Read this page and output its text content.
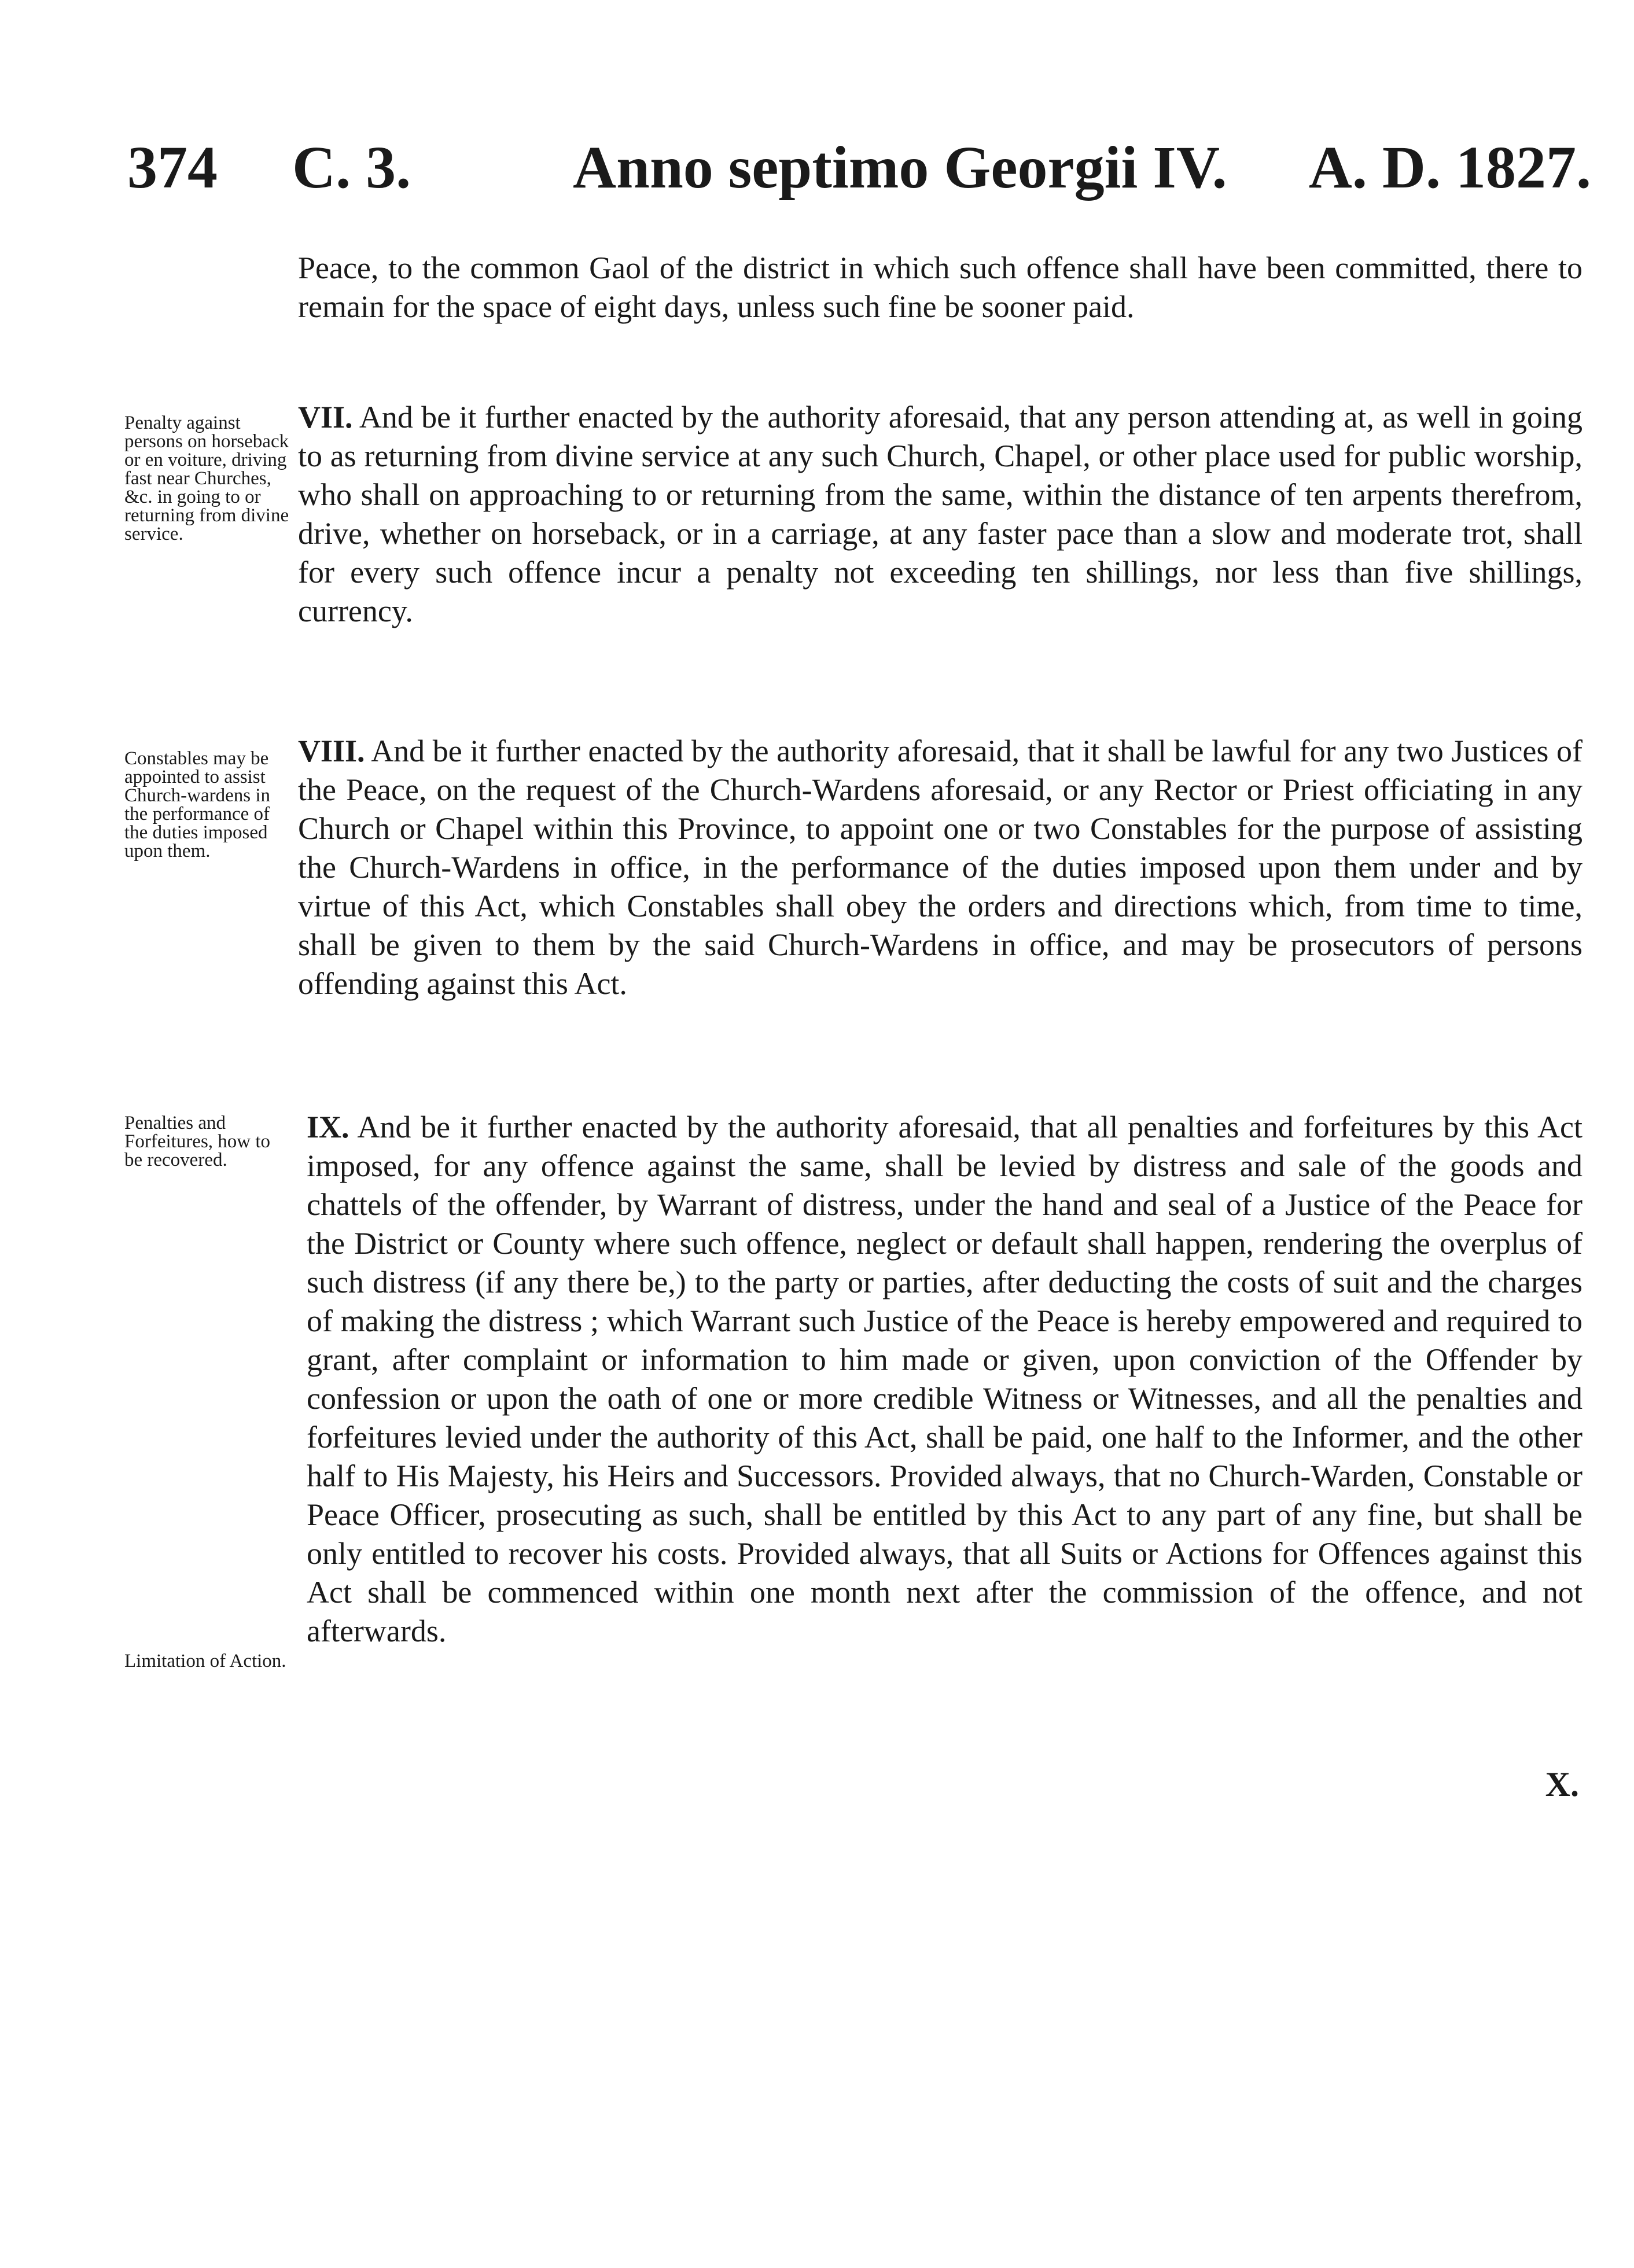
374 C. 3.	Anno septimo Georgii IV. A. D. 1827.

Peace, to the common Gaol of the district in which such offence shall have been committed, there to remain for the space of eight days, unless such fine be sooner paid.

Penalty against persons on horseback or en voiture, driving fast near Churches, &c. in going to or returning from divine service.

VII. And be it further enacted by the authority aforesaid, that any person attending at, as well in going to as returning from divine service at any such Church, Chapel, or other place used for public worship, who shall on approaching to or returning from the same, within the distance of ten arpents therefrom, drive, whether on horseback, or in a carriage, at any faster pace than a slow and moderate trot, shall for every such offence incur a penalty not exceeding ten shillings, nor less than five shillings, currency.

Constables may be appointed to assist Church-wardens in the performance of the duties imposed upon them.

VIII. And be it further enacted by the authority aforesaid, that it shall be lawful for any two Justices of the Peace, on the request of the Church-Wardens aforesaid, or any Rector or Priest officiating in any Church or Chapel within this Province, to appoint one or two Constables for the purpose of assisting the Church-Wardens in office, in the performance of the duties imposed upon them under and by virtue of this Act, which Constables shall obey the orders and directions which, from time to time, shall be given to them by the said Church-Wardens in office, and may be prosecutors of persons offending against this Act.

Penalties and Forfeitures, how to be recovered.

IX. And be it further enacted by the authority aforesaid, that all penalties and forfeitures by this Act imposed, for any offence against the same, shall be levied by distress and sale of the goods and chattels of the offender, by Warrant of distress, under the hand and seal of a Justice of the Peace for the District or County where such offence, neglect or default shall happen, rendering the overplus of such distress (if any there be,) to the party or parties, after deducting the costs of suit and the charges of making the distress ; which Warrant such Justice of the Peace is hereby empowered and required to grant, after complaint or information to him made or given, upon conviction of the Offender by confession or upon the oath of one or more credible Witness or Witnesses, and all the penalties and forfeitures levied under the authority of this Act, shall be paid, one half to the Informer, and the other half to His Majesty, his Heirs and Successors. Provided always, that no Church-Warden, Constable or Peace Officer, prosecuting as such, shall be entitled by this Act to any part of any fine, but shall be only entitled to recover his costs. Provided always, that all Suits or Actions for Offences against this Act shall be commenced within one month next after the commission of the offence, and not afterwards.

Limitation of Action.
X.
